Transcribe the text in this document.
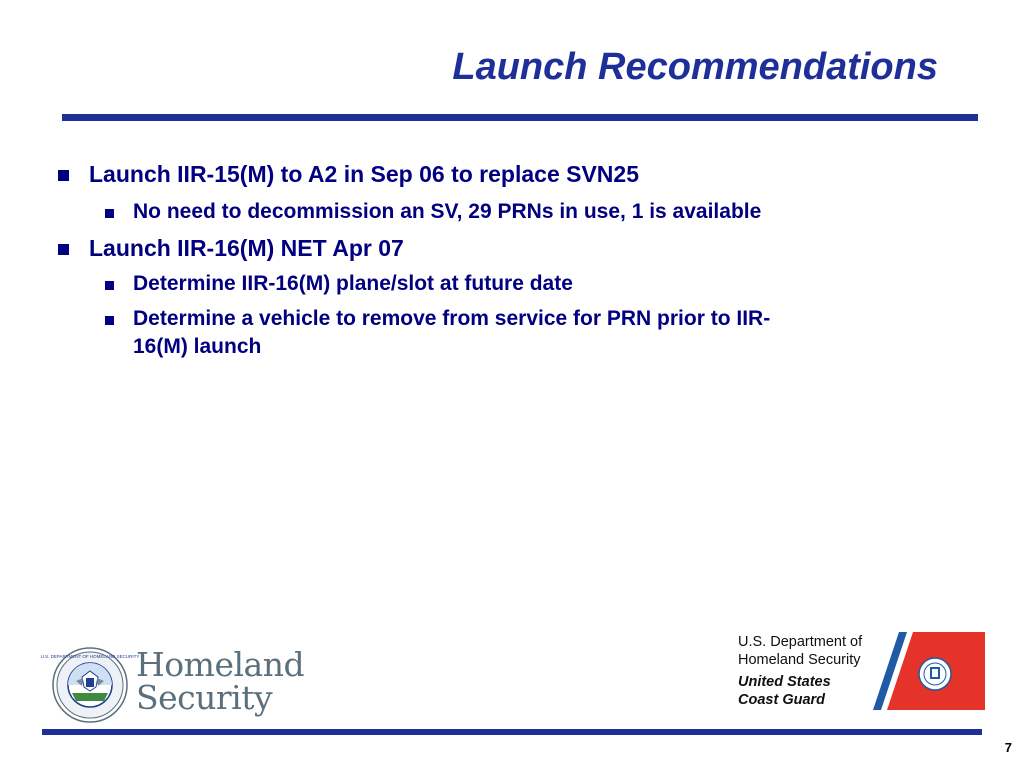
Launch Recommendations
Launch IIR-15(M) to A2 in Sep 06 to replace SVN25
No need to decommission an SV, 29 PRNs in use, 1 is available
Launch IIR-16(M) NET Apr 07
Determine IIR-16(M) plane/slot at future date
Determine a vehicle to remove from service for PRN prior to IIR-
16(M) launch
U.S. DEPARTMENT OF HOMELAND SECURITY
Homeland
Security
U.S. Department of
Homeland Security
United States
Coast Guard
7
